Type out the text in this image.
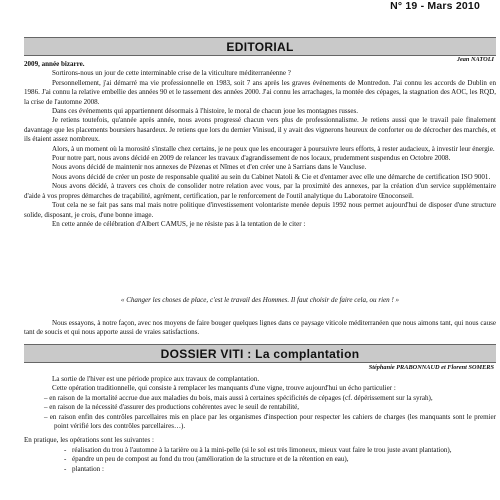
N° 19 - Mars 2010
EDITORIAL
Jean NATOLI

2009, année bizarre.

Sortirons-nous un jour de cette interminable crise de la viticulture méditerranéenne ?

Personnellement, j'ai démarré ma vie professionnelle en 1983, soit 7 ans après les graves événements de Montredon. J'ai connu les accords de Dublin en 1986. J'ai connu la relative embellie des années 90 et le tassement des années 2000. J'ai connu les arrachages, la montée des cépages, la stagnation des AOC, les RQD, la crise de l'automne 2008.

Dans ces événements qui appartiennent désormais à l'histoire, le moral de chacun joue les montagnes russes.

Je retiens toutefois, qu'année après année, nous avons progressé chacun vers plus de professionnalisme. Je retiens aussi que le travail paie finalement davantage que les placements boursiers hasardeux. Je retiens que lors du dernier Vinisud, il y avait des vignerons heureux de conforter ou de décrocher des marchés, et ils étaient assez nombreux.

Alors, à un moment où la morosité s'installe chez certains, je ne peux que les encourager à poursuivre leurs efforts, à rester audacieux, à investir leur énergie.

Pour notre part, nous avons décidé en 2009 de relancer les travaux d'agrandissement de nos locaux, prudemment suspendus en Octobre 2008.

Nous avons décidé de maintenir nos annexes de Pézenas et Nîmes et d'en créer une à Sarrians dans le Vaucluse.

Nous avons décidé de créer un poste de responsable qualité au sein du Cabinet Natoli & Cie et d'entamer avec elle une démarche de certification ISO 9001.

Nous avons décidé, à travers ces choix de consolider notre relation avec vous, par la proximité des annexes, par la création d'un service supplémentaire d'aide à vos propres démarches de traçabilité, agrément, certification, par le renforcement de l'outil analytique du Laboratoire Œnoconseil.

Tout cela ne se fait pas sans mal mais notre politique d'investissement volontariste menée depuis 1992 nous permet aujourd'hui de disposer d'une structure solide, disposant, je crois, d'une bonne image.

En cette année de célébration d'Albert CAMUS, je ne résiste pas à la tentation de le citer :

« Changer les choses de place, c'est le travail des Hommes. Il faut choisir de faire cela, ou rien ! »

Nous essayons, à notre façon, avec nos moyens de faire bouger quelques lignes dans ce paysage viticole méditerranéen que nous aimons tant, qui nous cause tant de soucis et qui nous apporte aussi de vraies satisfactions.

DOSSIER VITI : La complantation
Stéphanie PRABONNAUD et Florent SOMERS

La sortie de l'hiver est une période propice aux travaux de complantation.

Cette opération traditionnelle, qui consiste à remplacer les manquants d'une vigne, trouve aujourd'hui un écho particulier :

– en raison de la mortalité accrue due aux maladies du bois, mais aussi à certaines spécificités de cépages (cf. dépérissement sur la syrah),

– en raison de la nécessité d'assurer des productions cohérentes avec le seuil de rentabilité,

– en raison enfin des contrôles parcellaires mis en place par les organismes d'inspection pour respecter les cahiers de charges (les manquants sont le premier point vérifié lors des contrôles parcellaires…).

En pratique, les opérations sont les suivantes :

- réalisation du trou à l'automne à la tarière ou à la mini-pelle (si le sol est très limoneux, mieux vaut faire le trou juste avant plantation),

- épandre un peu de compost au fond du trou (amélioration de la structure et de la rétention en eau),

- plantation :
